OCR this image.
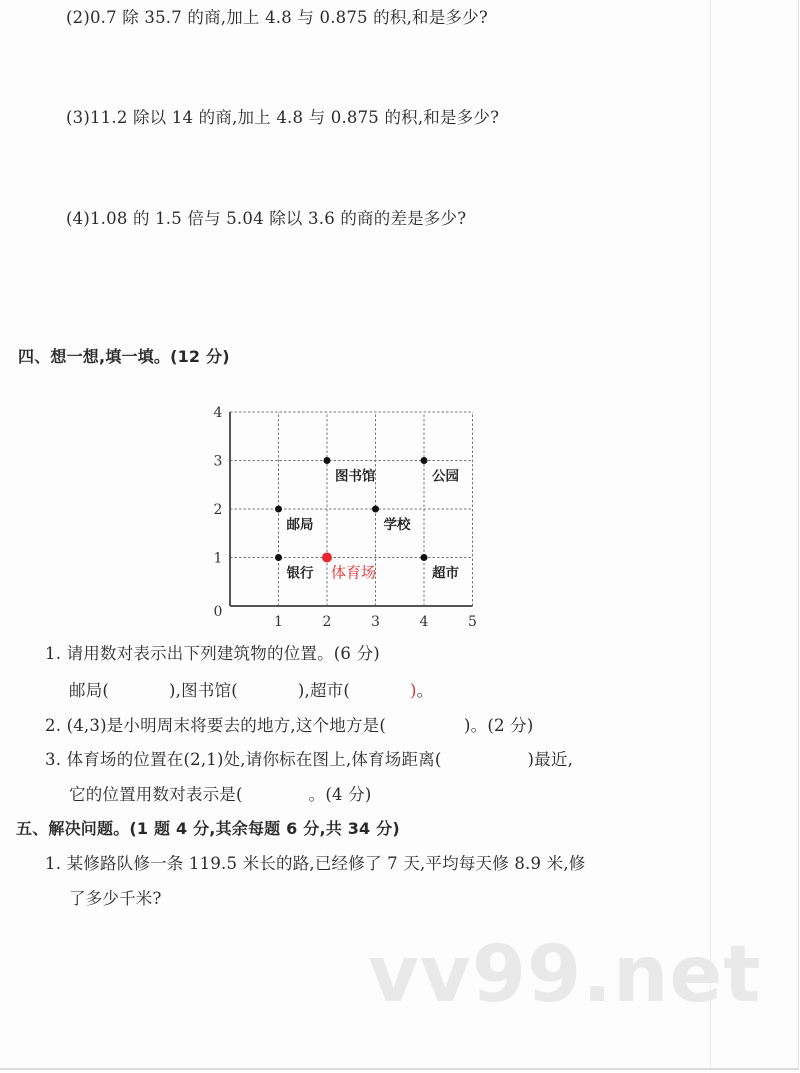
(2)0.7 除 35.7 的商,加上 4.8 与 0.875 的积,和是多少?
(3)11.2 除以 14 的商,加上 4.8 与 0.875 的积,和是多少?
(4)1.08 的 1.5 倍与 5.04 除以 3.6 的商的差是多少?
四、想一想,填一填。(12 分)
1	2	3	4	5
0
1
2
3
4
图书馆	公园
邮局	学校
银行 体育场	超市
1. 请用数对表示出下列建筑物的位置。(6 分)
邮局(	),图书馆(	),超市(	)。
2. (4,3)是小明周末将要去的地方,这个地方是(	)。(2 分)
3. 体育场的位置在(2,1)处,请你标在图上,体育场距离(	)最近,
它的位置用数对表示是(	。(4 分)
五、解决问题。(1 题 4 分,其余每题 6 分,共 34 分)
1. 某修路队修一条 119.5 米长的路,已经修了 7 天,平均每天修 8.9 米,修
了多少千米?
vv99.net
